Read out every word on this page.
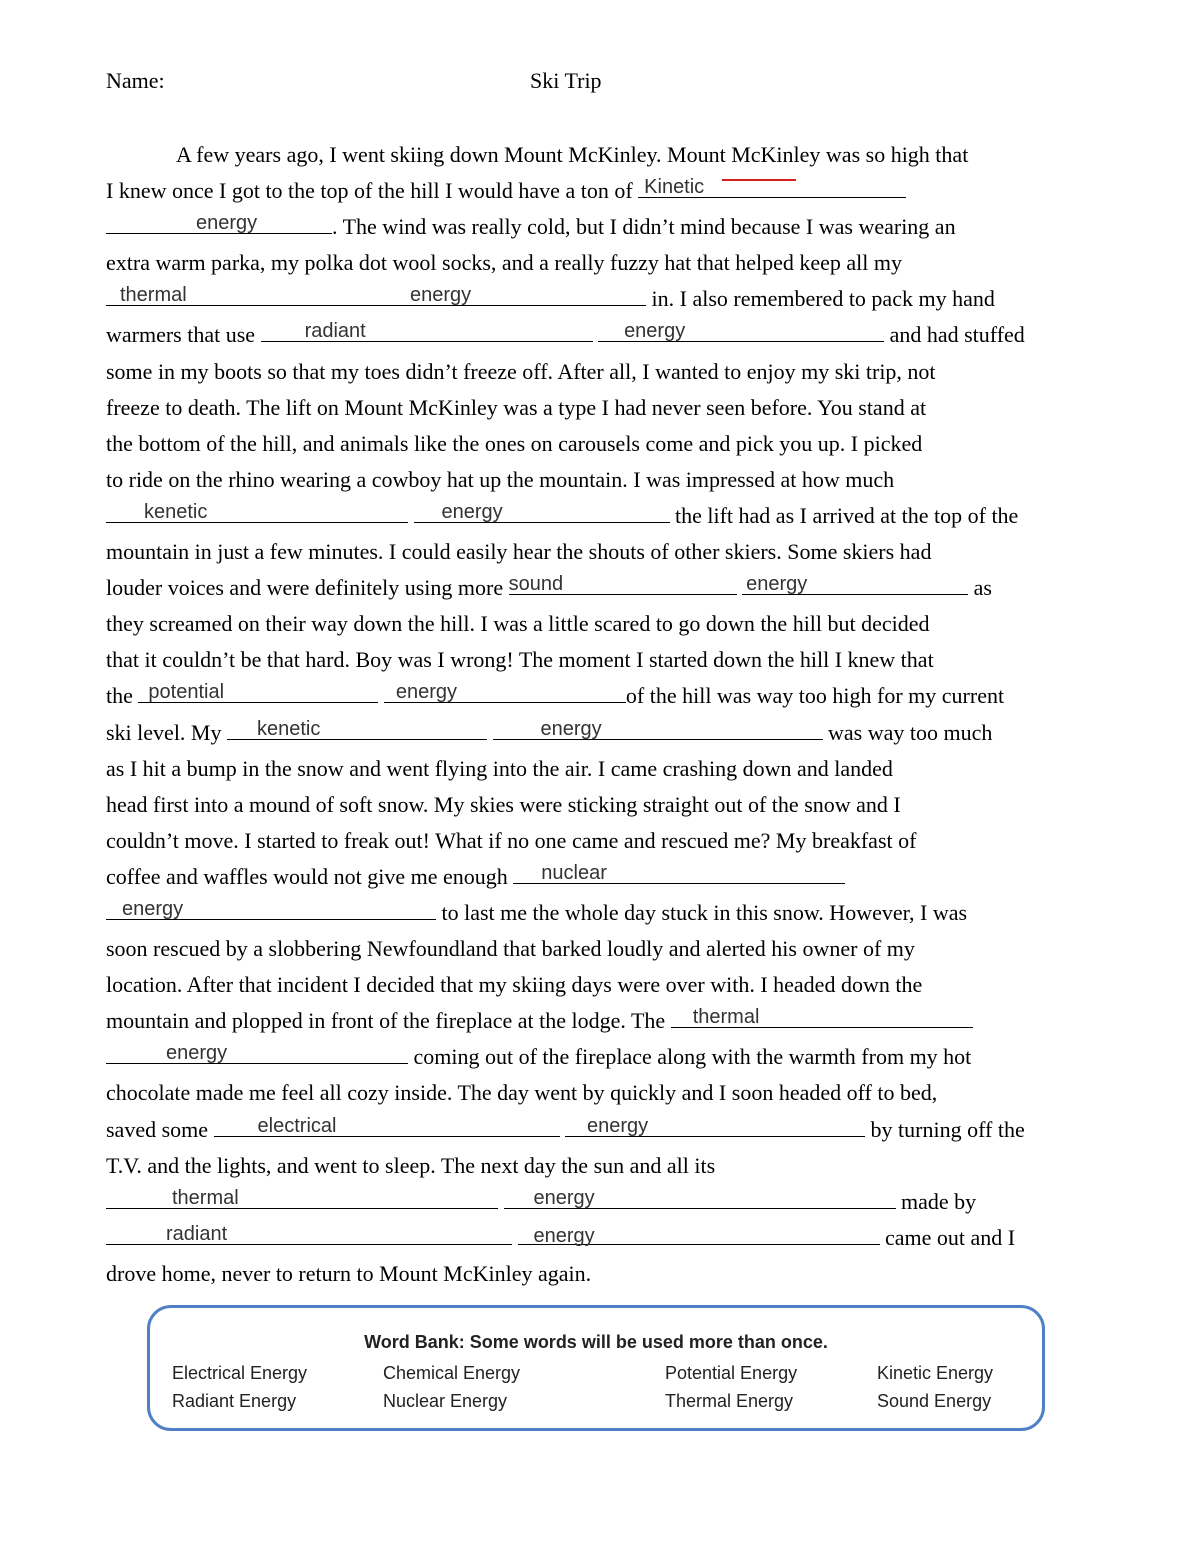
Name:	Ski Trip
A few years ago, I went skiing down Mount McKinley. Mount McKinley was so high that
I knew once I got to the top of the hill I would have a ton of Kinetic
energy	. The wind was really cold, but I didn’t mind because I was wearing an
extra warm parka, my polka dot wool socks, and a really fuzzy hat that helped keep all my
thermal	energy	in. I also remembered to pack my hand
warmers that use radiant
	energy	and had stuffed
some in my boots so that my toes didn’t freeze off. After all, I wanted to enjoy my ski trip, not
freeze to death. The lift on Mount McKinley was a type I had never seen before. You stand at
the bottom of the hill, and animals like the ones on carousels come and pick you up. I picked
to ride on the rhino wearing a cowboy hat up the mountain. I was impressed at how much
kenetic
	energy	the lift had as I arrived at the top of the
mountain in just a few minutes. I could easily hear the shouts of other skiers. Some skiers had
louder voices and were definitely using more sound
	energy	as
they screamed on their way down the hill. I was a little scared to go down the hill but decided
that it couldn’t be that hard. Boy was I wrong! The moment I started down the hill I knew that
the potential
	energy	of the hill was way too high for my current
ski level. My kenetic
	energy	was way too much
as I hit a bump in the snow and went flying into the air. I came crashing down and landed
head first into a mound of soft snow. My skies were sticking straight out of the snow and I
couldn’t move. I started to freak out! What if no one came and rescued me? My breakfast of
coffee and waffles would not give me enough nuclear
energy	to last me the whole day stuck in this snow. However, I was
soon rescued by a slobbering Newfoundland that barked loudly and alerted his owner of my
location. After that incident I decided that my skiing days were over with. I headed down the
mountain and plopped in front of the fireplace at the lodge. The thermal
energy	coming out of the fireplace along with the warmth from my hot
chocolate made me feel all cozy inside. The day went by quickly and I soon headed off to bed,
saved some electrical
	energy	by turning off the
T.V. and the lights, and went to sleep. The next day the sun and all its
thermal
	energy	made by
radiant
	energy	came out and I
drove home, never to return to Mount McKinley again.
Word Bank: Some words will be used more than once.
Electrical Energy	Chemical Energy	Potential Energy	Kinetic Energy
Radiant Energy	Nuclear Energy	Thermal Energy	Sound Energy
